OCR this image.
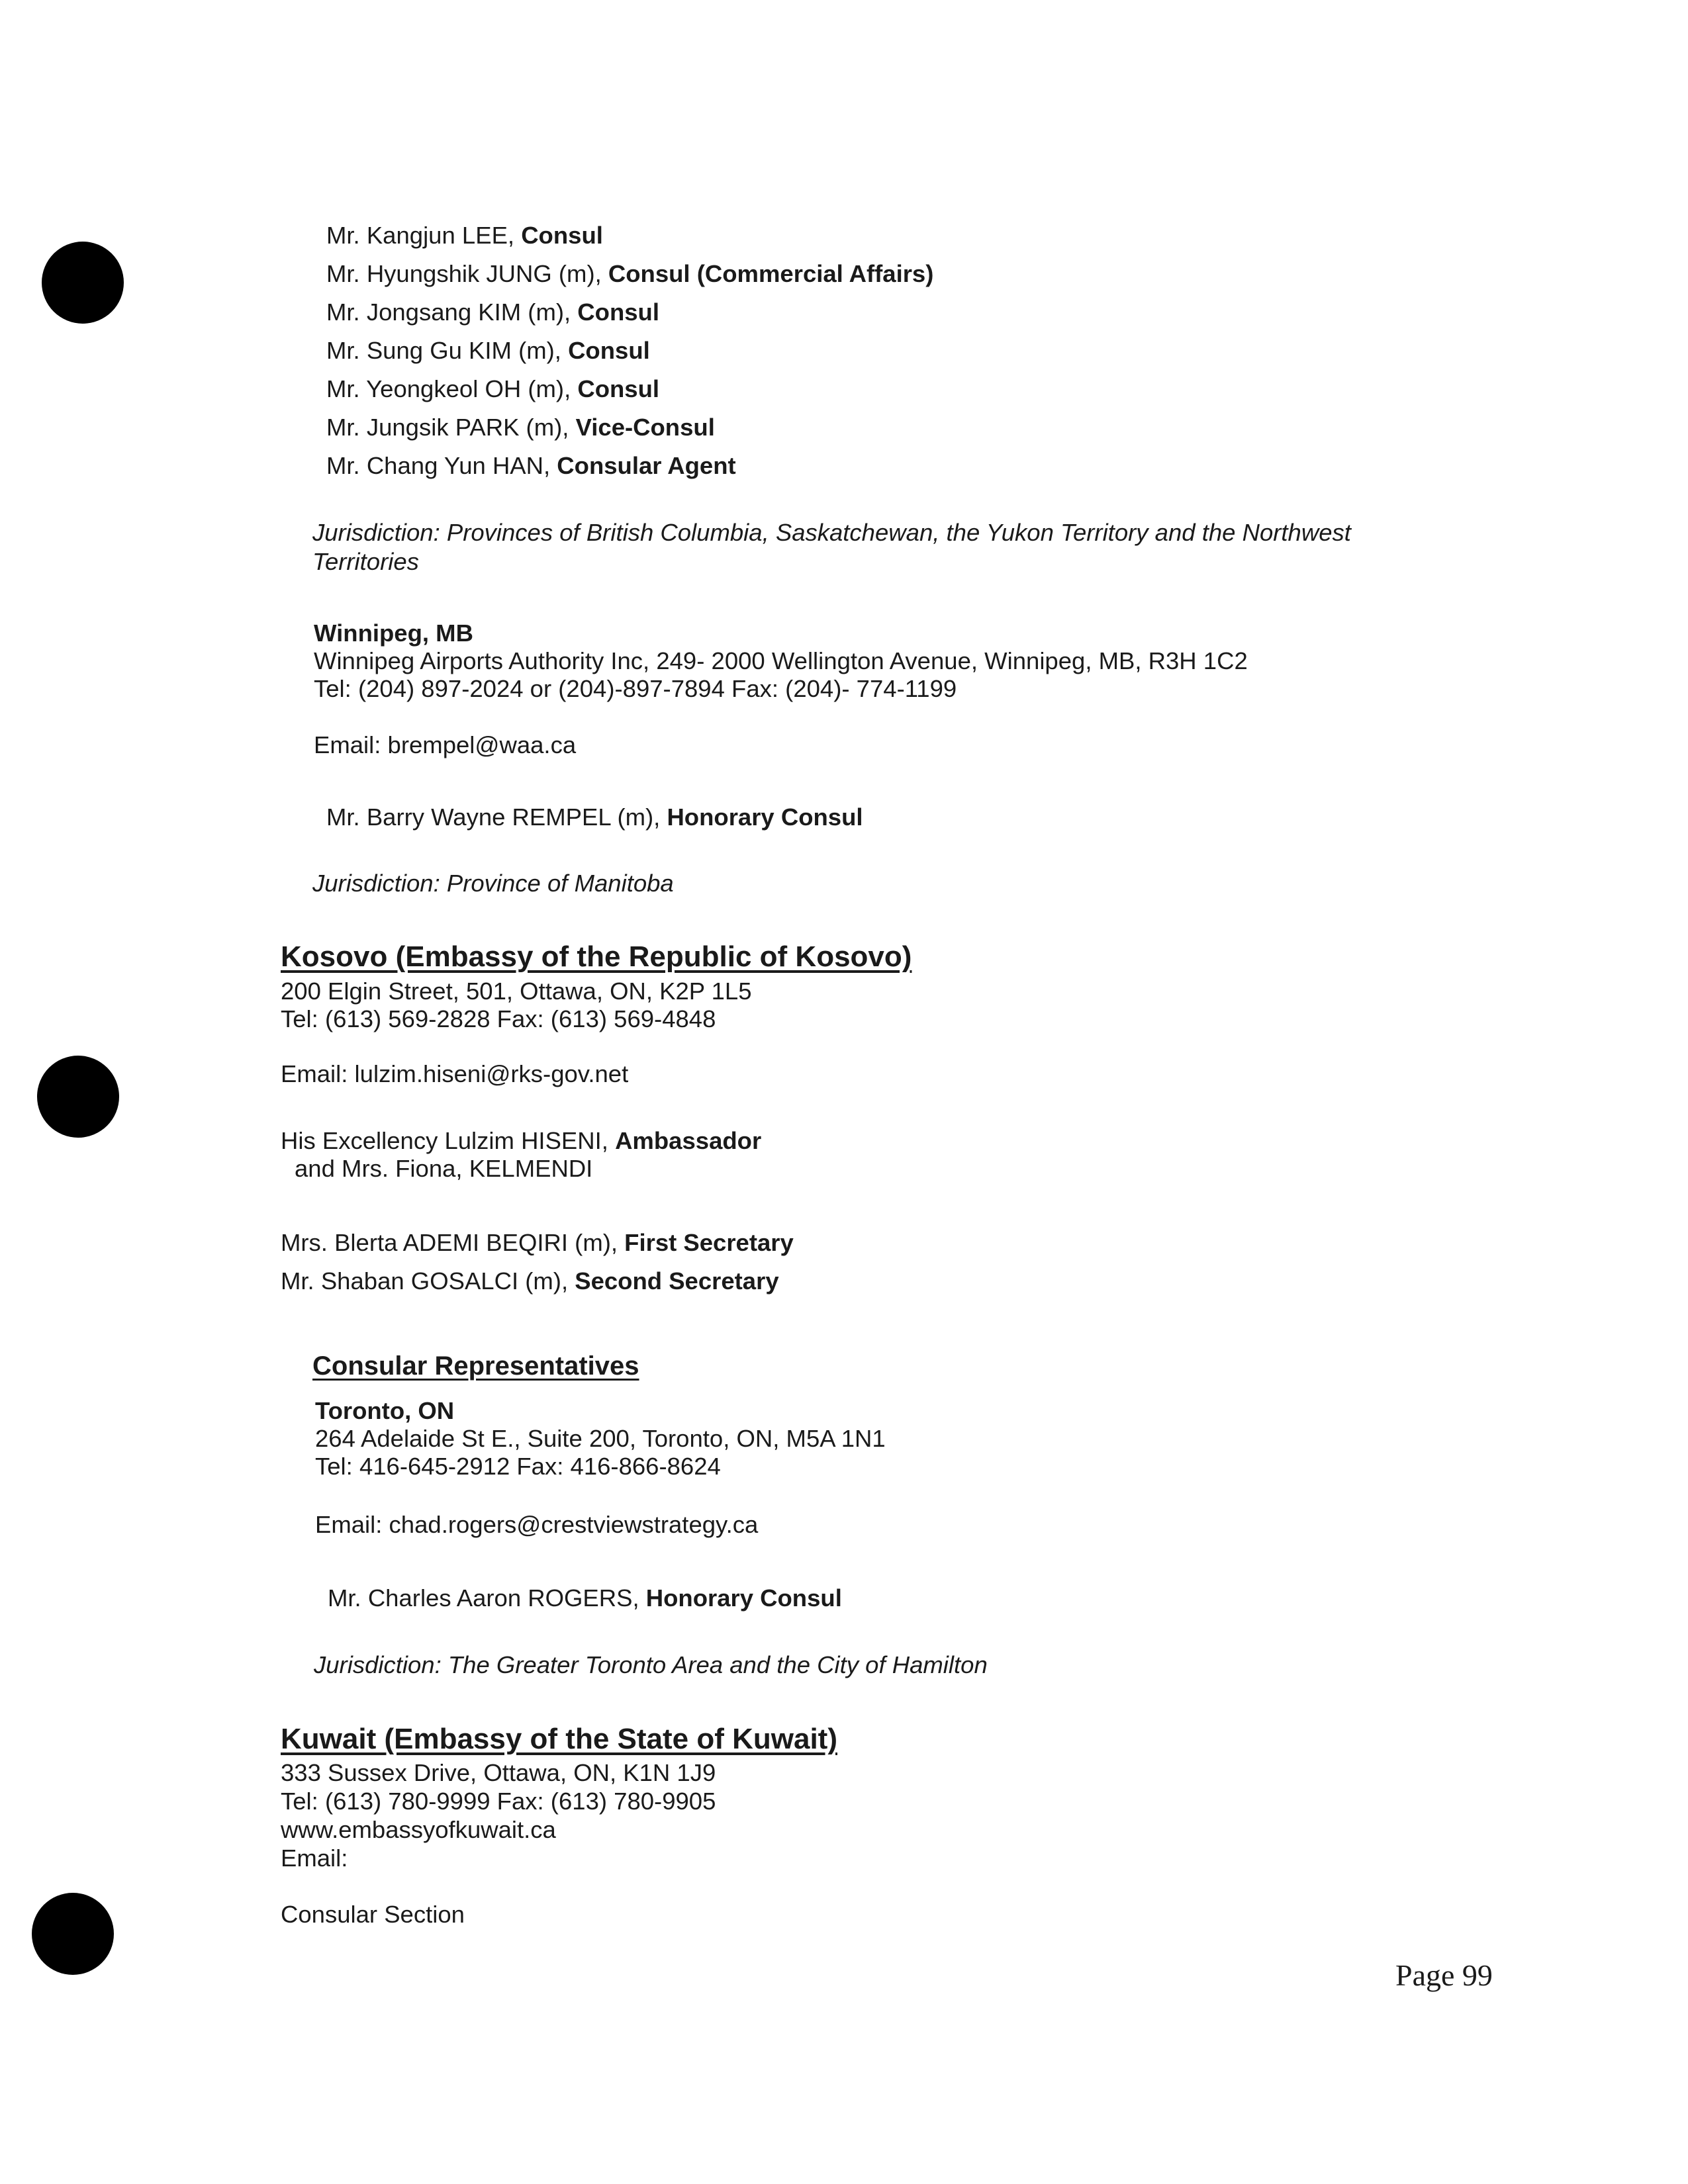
Mr. Kangjun LEE, Consul
Mr. Hyungshik JUNG (m), Consul (Commercial Affairs)
Mr. Jongsang KIM (m), Consul
Mr. Sung Gu KIM (m), Consul
Mr. Yeongkeol OH (m), Consul
Mr. Jungsik PARK (m), Vice-Consul
Mr. Chang Yun HAN, Consular Agent
Jurisdiction: Provinces of British Columbia, Saskatchewan, the Yukon Territory and the Northwest
Territories
Winnipeg, MB
Winnipeg Airports Authority Inc, 249- 2000 Wellington Avenue, Winnipeg, MB, R3H 1C2
Tel: (204) 897-2024 or (204)-897-7894 Fax: (204)- 774-1199
Email: brempel@waa.ca
Mr. Barry Wayne REMPEL (m), Honorary Consul
Jurisdiction: Province of Manitoba
Kosovo (Embassy of the Republic of Kosovo)
200 Elgin Street, 501, Ottawa, ON, K2P 1L5
Tel: (613) 569-2828 Fax: (613) 569-4848
Email: lulzim.hiseni@rks-gov.net
His Excellency Lulzim HISENI, Ambassador
and Mrs. Fiona, KELMENDI
Mrs. Blerta ADEMI BEQIRI (m), First Secretary
Mr. Shaban GOSALCI (m), Second Secretary
Consular Representatives
Toronto, ON
264 Adelaide St E., Suite 200, Toronto, ON, M5A 1N1
Tel: 416-645-2912 Fax: 416-866-8624
Email: chad.rogers@crestviewstrategy.ca
Mr. Charles Aaron ROGERS, Honorary Consul
Jurisdiction: The Greater Toronto Area and the City of Hamilton
Kuwait (Embassy of the State of Kuwait)
333 Sussex Drive, Ottawa, ON, K1N 1J9
Tel: (613) 780-9999 Fax: (613) 780-9905
www.embassyofkuwait.ca
Email:
Consular Section
Page 99
